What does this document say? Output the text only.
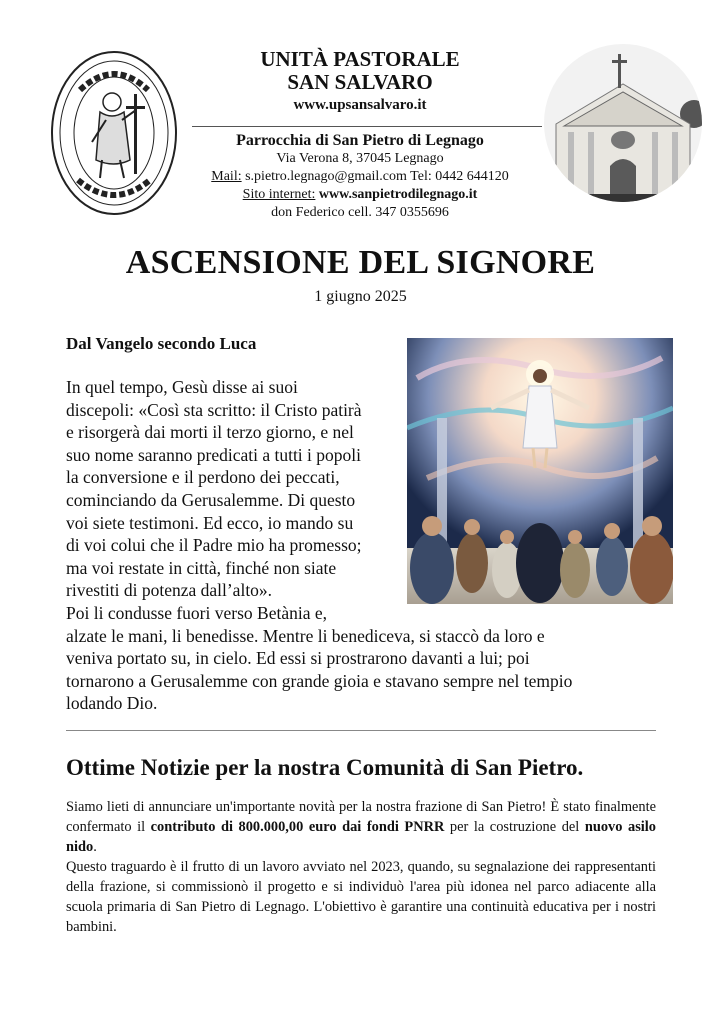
UNITÀ PASTORALE
SAN SALVARO
www.upsansalvaro.it
Parrocchia di San Pietro di Legnago
Via Verona 8, 37045 Legnago
Mail: s.pietro.legnago@gmail.com Tel: 0442 644120
Sito internet: www.sanpietrodilegnago.it
don Federico cell. 347 0355696
ASCENSIONE DEL SIGNORE
1 giugno 2025
Dal Vangelo secondo Luca
In quel tempo, Gesù disse ai suoi
discepoli: «Così sta scritto: il Cristo patirà
e risorgerà dai morti il terzo giorno, e nel
suo nome saranno predicati a tutti i popoli
la conversione e il perdono dei peccati,
cominciando da Gerusalemme. Di questo
voi siete testimoni. Ed ecco, io mando su
di voi colui che il Padre mio ha promesso;
ma voi restate in città, finché non siate
rivestiti di potenza dall’alto».
Poi li condusse fuori verso Betània e,
alzate le mani, li benedisse. Mentre li benediceva, si staccò da loro e
veniva portato su, in cielo. Ed essi si prostrarono davanti a lui; poi
tornarono a Gerusalemme con grande gioia e stavano sempre nel tempio
lodando Dio.
Ottime Notizie per la nostra Comunità di San Pietro.

Siamo lieti di annunciare un'importante novità per la nostra frazione di San Pietro! È stato finalmente confermato il contributo di 800.000,00 euro dai fondi PNRR per la costruzione del nuovo asilo nido.

Questo traguardo è il frutto di un lavoro avviato nel 2023, quando, su segnalazione dei rappresentanti della frazione, si commissionò il progetto e si individuò l'area più idonea nel parco adiacente alla scuola primaria di San Pietro di Legnago. L'obiettivo è garantire una continuità educativa per i nostri bambini.
